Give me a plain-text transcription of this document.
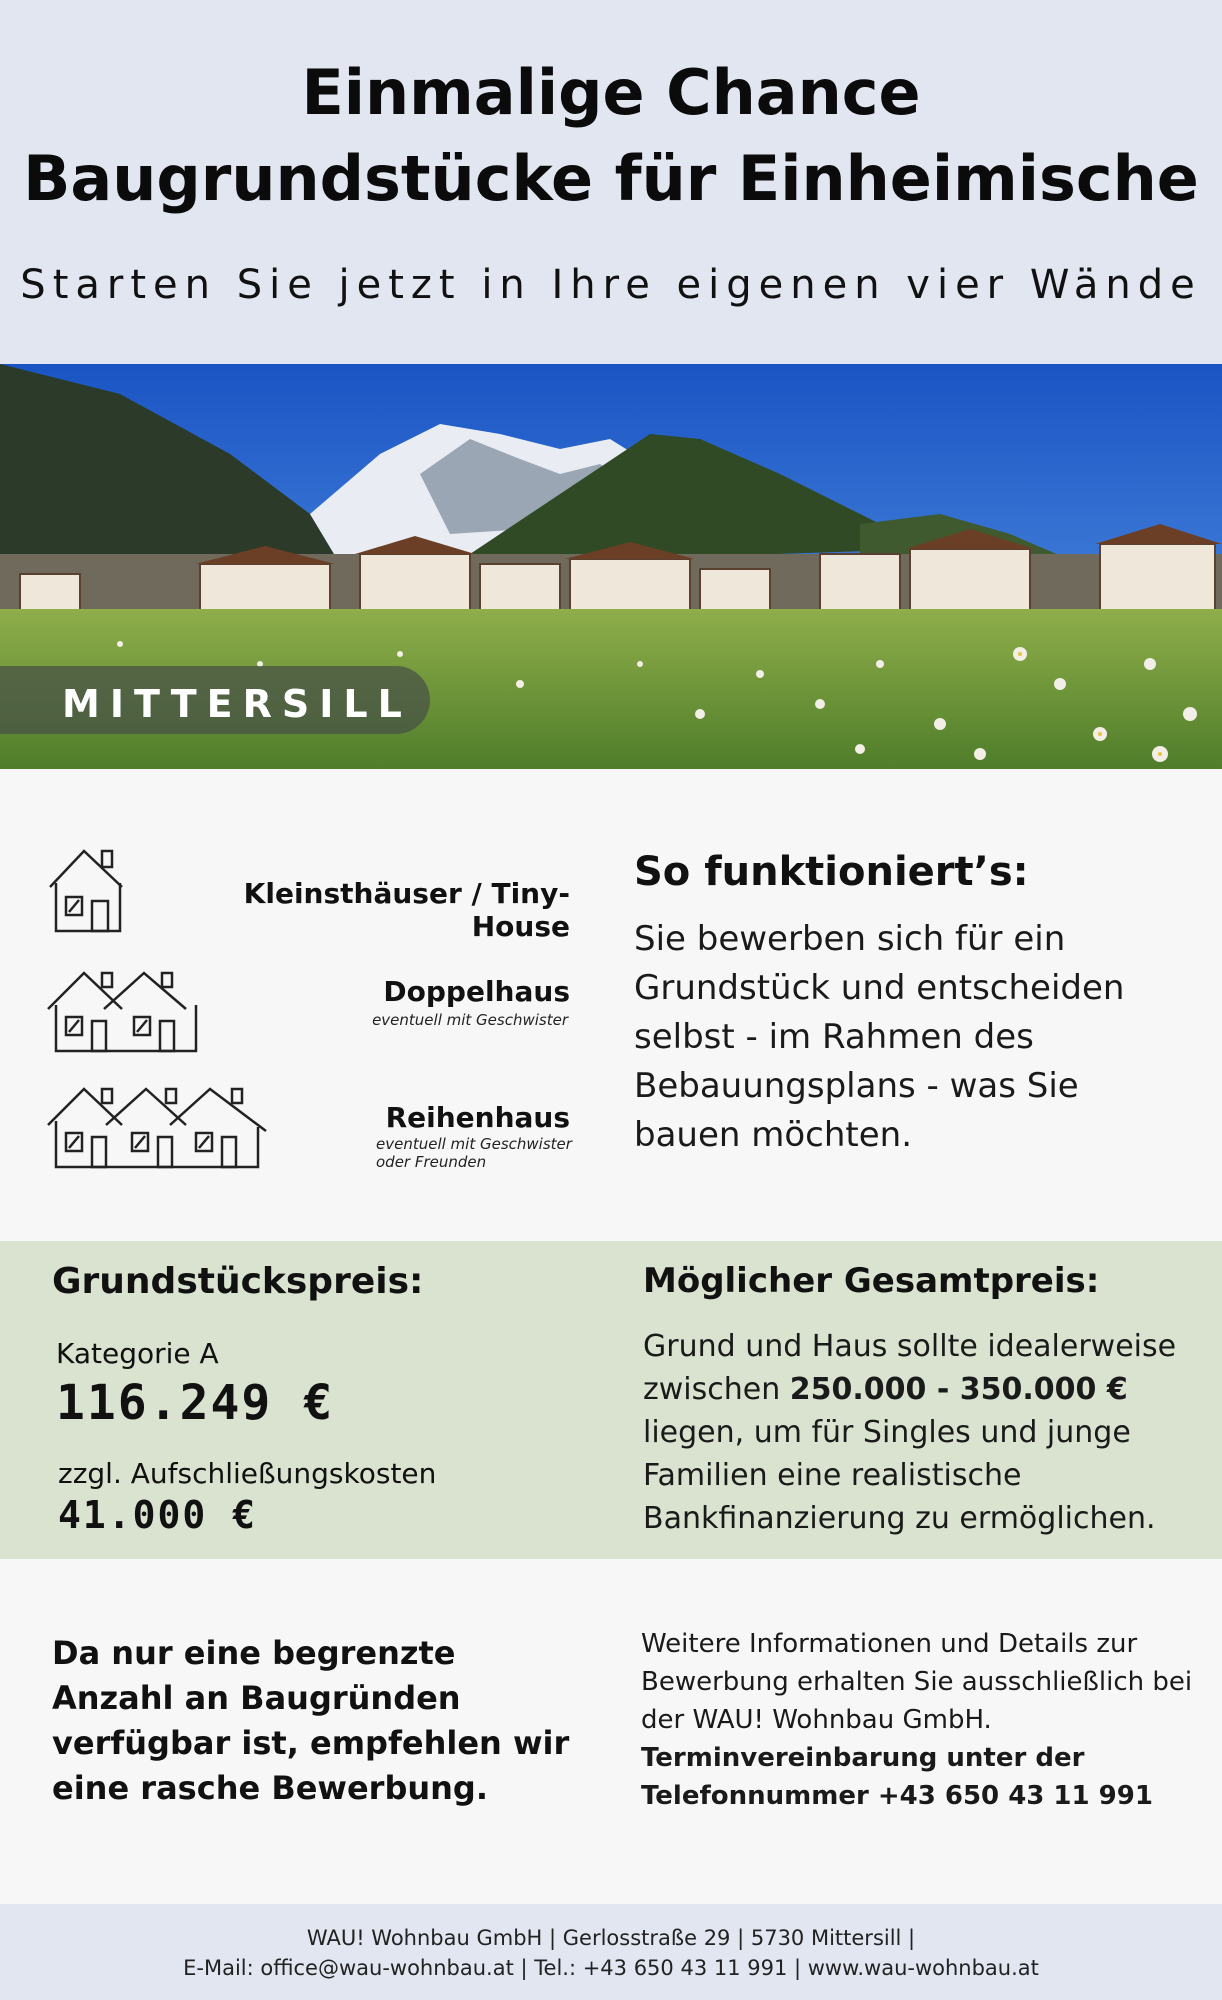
Einmalige Chance
Baugrundstücke für Einheimische
Starten Sie jetzt in Ihre eigenen vier Wände
MITTERSILL
Kleinsthäuser / Tiny-House
Doppelhaus
eventuell mit Geschwister
Reihenhaus
eventuell mit Geschwister
oder Freunden
So funktioniert’s:
Sie bewerben sich für ein Grundstück und entscheiden selbst - im Rahmen des Bebauungsplans - was Sie bauen möchten.
Grundstückspreis:
Kategorie A
116.249 €
zzgl. Aufschließungskosten
41.000 €
Möglicher Gesamtpreis:
Grund und Haus sollte idealerweise zwischen 250.000 - 350.000 € liegen, um für Singles und junge Familien eine realistische Bankfinanzierung zu ermöglichen.
Da nur eine begrenzte Anzahl an Baugründen verfügbar ist, empfehlen wir eine rasche Bewerbung.
Weitere Informationen und Details zur Bewerbung erhalten Sie ausschließlich bei der WAU! Wohnbau GmbH.
Terminvereinbarung unter der Telefonnummer +43 650 43 11 991
WAU! Wohnbau GmbH | Gerlosstraße 29 | 5730 Mittersill |
E-Mail: office@wau-wohnbau.at | Tel.: +43 650 43 11 991 | www.wau-wohnbau.at
